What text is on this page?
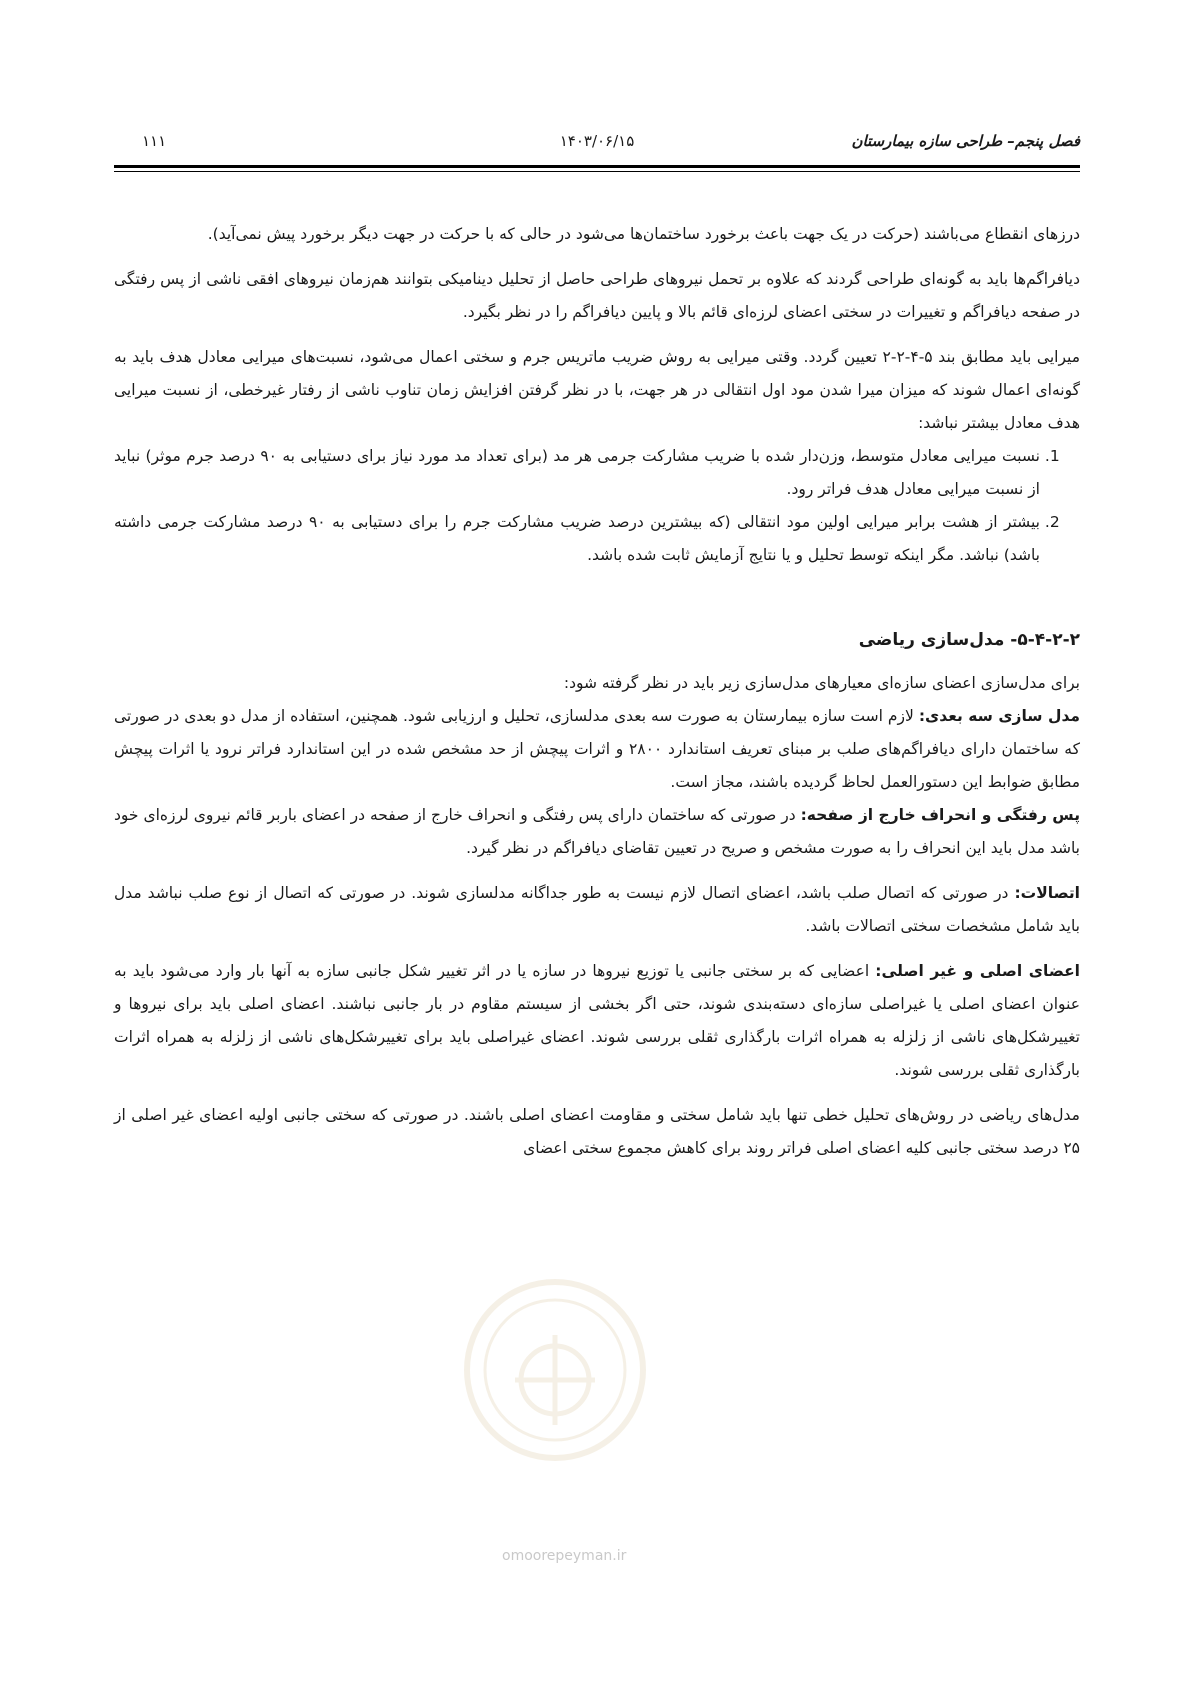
فصل پنجم– طراحی سازه بیمارستان
۱۴۰۳/۰۶/۱۵
۱۱۱
omoorepeyman.ir

درزهای انقطاع می‌باشند (حرکت در یک جهت باعث برخورد ساختمان‌ها می‌شود در حالی که با حرکت در جهت دیگر برخورد پیش نمی‌آید).

دیافراگم‌ها باید به گونه‌ای طراحی گردند که علاوه بر تحمل نیروهای طراحی حاصل از تحلیل دینامیکی بتوانند هم‌زمان نیروهای افقی ناشی از پس رفتگی در صفحه دیافراگم و تغییرات در سختی اعضای لرزه‌ای قائم بالا و پایین دیافراگم را در نظر بگیرد.

میرایی باید مطابق بند ۵-۴-۲-۲ تعیین گردد. وقتی میرایی به روش ضریب ماتریس جرم و سختی اعمال می‌شود، نسبت‌های میرایی معادل هدف باید به گونه‌ای اعمال شوند که میزان میرا شدن مود اول انتقالی در هر جهت، با در نظر گرفتن افزایش زمان تناوب ناشی از رفتار غیرخطی، از نسبت میرایی هدف معادل بیشتر نباشد:

1. نسبت میرایی معادل متوسط، وزن‌دار شده با ضریب مشارکت جرمی هر مد (برای تعداد مد مورد نیاز برای دستیابی به ۹۰ درصد جرم موثر) نباید از نسبت میرایی معادل هدف فراتر رود.
2. بیشتر از هشت برابر میرایی اولین مود انتقالی (که بیشترین درصد ضریب مشارکت جرم را برای دستیابی به ۹۰ درصد مشارکت جرمی داشته باشد) نباشد. مگر اینکه توسط تحلیل و یا نتایج آزمایش ثابت شده باشد.
۵-۴-۲-۲- مدل‌سازی ریاضی

برای مدل‌سازی اعضای سازه‌ای معیارهای مدل‌سازی زیر باید در نظر گرفته شود:

مدل سازی سه بعدی: لازم است سازه بیمارستان به صورت سه بعدی مدلسازی، تحلیل و ارزیابی شود. همچنین، استفاده از مدل دو بعدی در صورتی که ساختمان دارای دیافراگم‌های صلب بر مبنای تعریف استاندارد ۲۸۰۰ و اثرات پیچش از حد مشخص شده در این استاندارد فراتر نرود یا اثرات پیچش مطابق ضوابط این دستورالعمل لحاظ گردیده باشند، مجاز است.

پس رفتگی و انحراف خارج از صفحه: در صورتی که ساختمان دارای پس رفتگی و انحراف خارج از صفحه در اعضای باربر قائم نیروی لرزه‌ای خود باشد مدل باید این انحراف را به صورت مشخص و صریح در تعیین تقاضای دیافراگم در نظر گیرد.

اتصالات: در صورتی که اتصال صلب باشد، اعضای اتصال لازم نیست به طور جداگانه مدلسازی شوند. در صورتی که اتصال از نوع صلب نباشد مدل باید شامل مشخصات سختی اتصالات باشد.

اعضای اصلی و غیر اصلی: اعضایی که بر سختی جانبی یا توزیع نیروها در سازه یا در اثر تغییر شکل جانبی سازه به آنها بار وارد می‌شود باید به عنوان اعضای اصلی یا غیراصلی سازه‌ای دسته‌بندی شوند، حتی اگر بخشی از سیستم مقاوم در بار جانبی نباشند. اعضای اصلی باید برای نیروها و تغییرشکل‌های ناشی از زلزله به همراه اثرات بارگذاری ثقلی بررسی شوند. اعضای غیراصلی باید برای تغییرشکل‌های ناشی از زلزله به همراه اثرات بارگذاری ثقلی بررسی شوند.

مدل‌های ریاضی در روش‌های تحلیل خطی تنها باید شامل سختی و مقاومت اعضای اصلی باشند. در صورتی که سختی جانبی اولیه اعضای غیر اصلی از ۲۵ درصد سختی جانبی کلیه اعضای اصلی فراتر روند برای کاهش مجموع سختی اعضای
